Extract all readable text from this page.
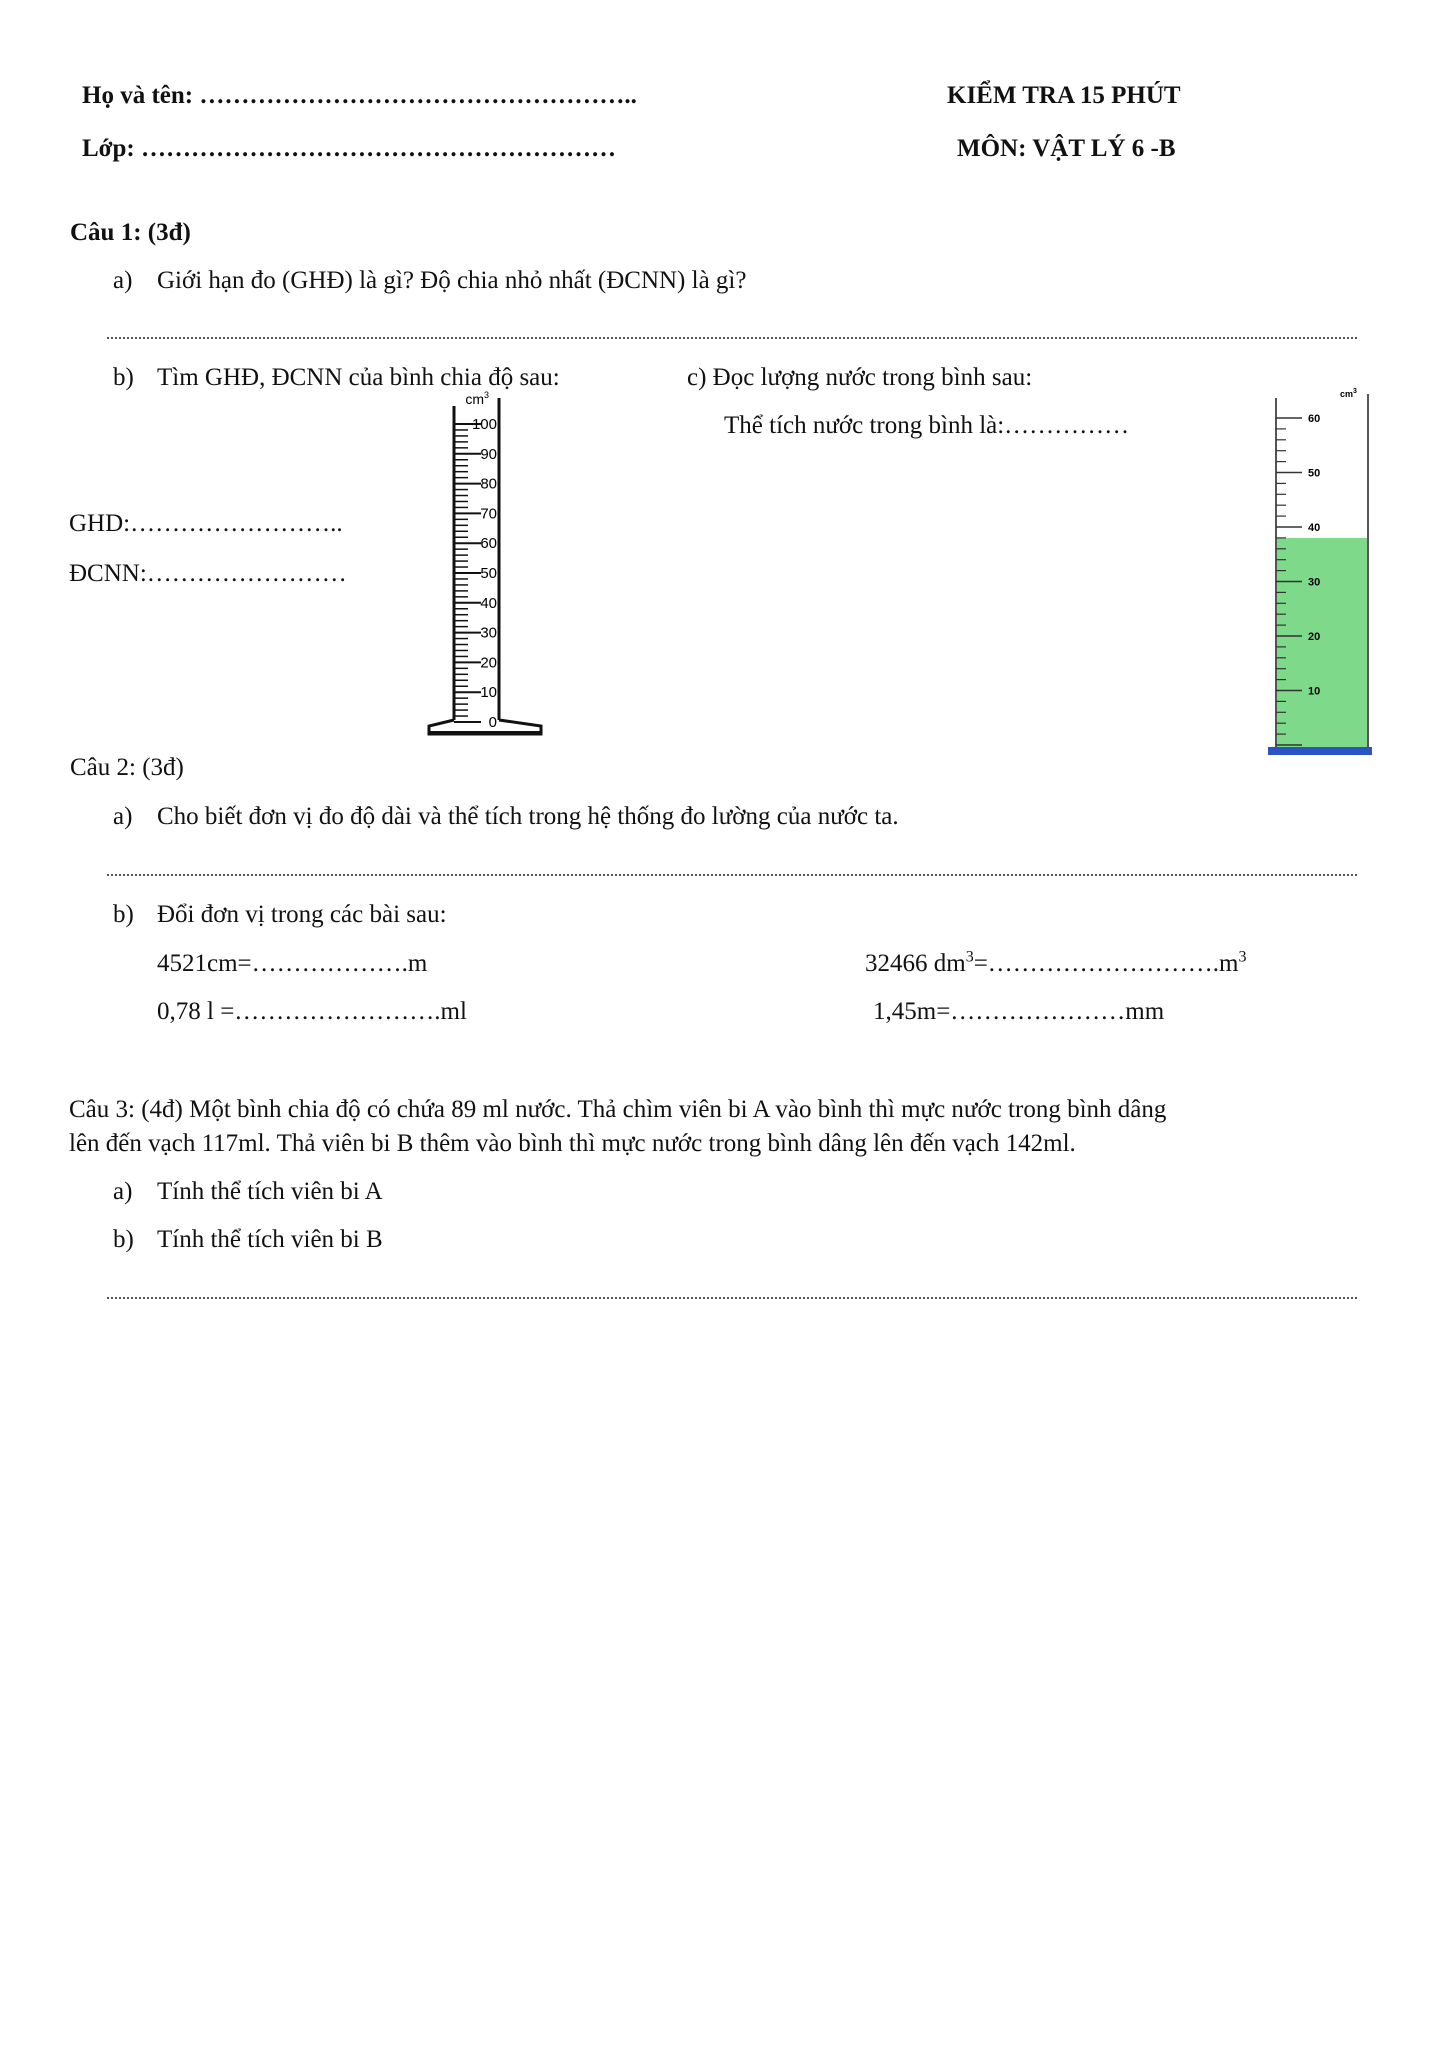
Họ và tên: ……………………………………………..
Lớp: …………………………………………………
KIỂM TRA 15 PHÚT
MÔN: VẬT LÝ 6 -B
Câu 1: (3đ)
a) Giới hạn đo (GHĐ) là gì? Độ chia nhỏ nhất (ĐCNN) là gì?
b) Tìm GHĐ, ĐCNN của bình chia độ sau:	c) Đọc lượng nước trong bình sau:
Thể tích nước trong bình là:……………
GHD:……………………..
ĐCNN:……………………
$cm^3$
100
90
80
70
60
50
40
30
20
10
0
$cm^3$
60
50
40
30
20
10
Câu 2: (3đ)
a) Cho biết đơn vị đo độ dài và thể tích trong hệ thống đo lường của nước ta.
b) Đổi đơn vị trong các bài sau:
4521cm=……………….m	32466 $dm^3=\dots\dots\dots\dots\dots\dots\dots\dots\dots.m^3$
0,78 l =…………………….ml	1,45m=…………………mm
Câu 3: (4đ) Một bình chia độ có chứa 89 ml nước. Thả chìm viên bi A vào bình thì mực nước trong bình dâng
lên đến vạch 117ml. Thả viên bi B thêm vào bình thì mực nước trong bình dâng lên đến vạch 142ml.
a) Tính thể tích viên bi A
b) Tính thể tích viên bi B
